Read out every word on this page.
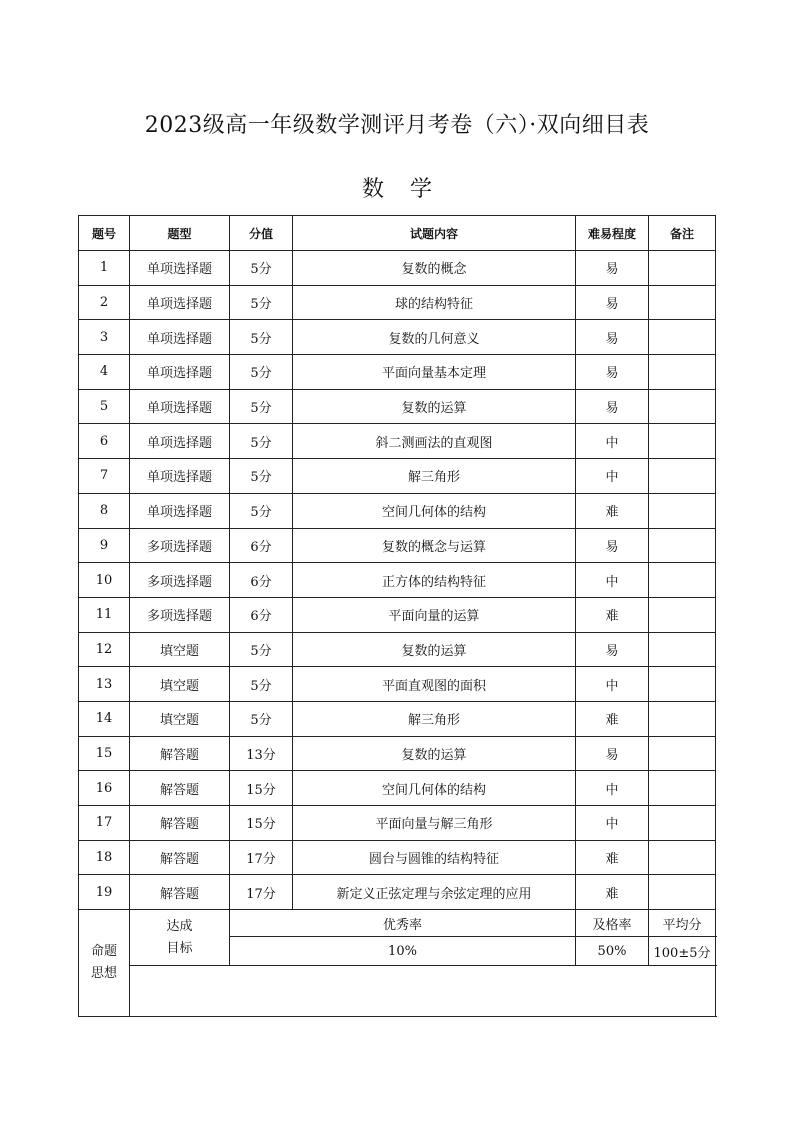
2023级高一年级数学测评月考卷（六）·双向细目表
数学
题号	题型	分值	试题内容	难易程度	备注
1	单项选择题	5分	复数的概念	易	
2	单项选择题	5分	球的结构特征	易	
3	单项选择题	5分	复数的几何意义	易	
4	单项选择题	5分	平面向量基本定理	易	
5	单项选择题	5分	复数的运算	易	
6	单项选择题	5分	斜二测画法的直观图	中	
7	单项选择题	5分	解三角形	中	
8	单项选择题	5分	空间几何体的结构	难	
9	多项选择题	6分	复数的概念与运算	易	
10	多项选择题	6分	正方体的结构特征	中	
11	多项选择题	6分	平面向量的运算	难	
12	填空题	5分	复数的运算	易	
13	填空题	5分	平面直观图的面积	中	
14	填空题	5分	解三角形	难	
15	解答题	13分	复数的运算	易	
16	解答题	15分	空间几何体的结构	中	
17	解答题	15分	平面向量与解三角形	中	
18	解答题	17分	圆台与圆锥的结构特征	难	
19	解答题	17分	新定义正弦定理与余弦定理的应用	难	
命题思想	达成目标	优秀率		及格率	平均分
		10%		50%	100±5分
